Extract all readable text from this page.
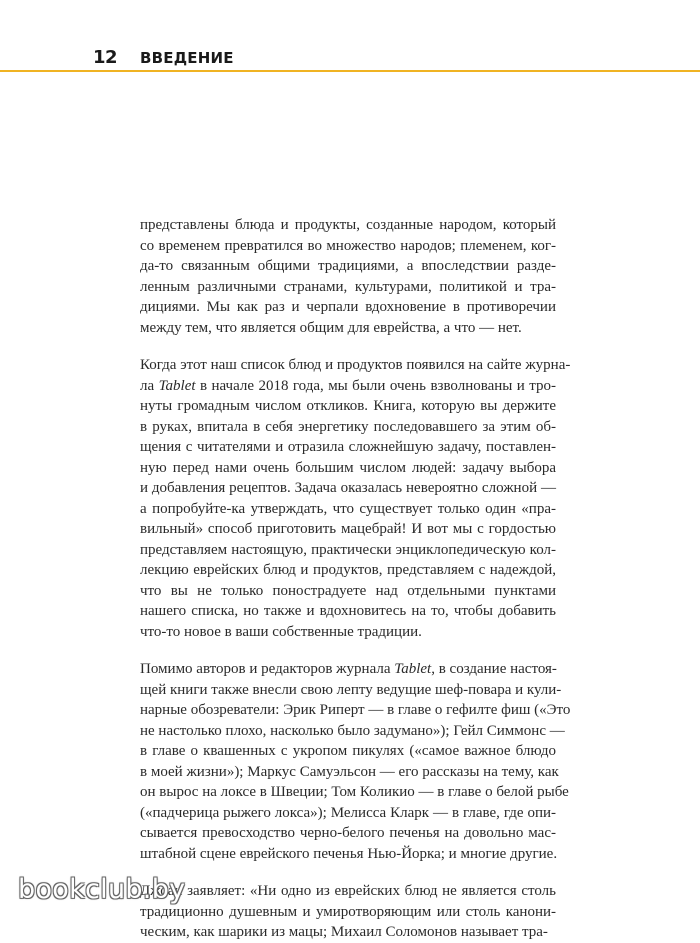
12 ВВЕДЕНИЕ
представлены блюда и продукты, созданные народом, который
со временем превратился во множество народов; племенем, ког-
да-то связанным общими традициями, а впоследствии разде-
ленным различными странами, культурами, политикой и тра-
дициями. Мы как раз и черпали вдохновение в противоречии
между тем, что является общим для еврейства, а что — нет.
Когда этот наш список блюд и продуктов появился на сайте журна-
ла Tablet в начале 2018 года, мы были очень взволнованы и тро-
нуты громадным числом откликов. Книга, которую вы держите
в руках, впитала в себя энергетику последовавшего за этим об-
щения с читателями и отразила сложнейшую задачу, поставлен-
ную перед нами очень большим числом людей: задачу выбора
и добавления рецептов. Задача оказалась невероятно сложной —
а попробуйте-ка утверждать, что существует только один «пра-
вильный» способ приготовить мацебрай! И вот мы с гордостью
представляем настоящую, практически энциклопедическую кол-
лекцию еврейских блюд и продуктов, представляем с надеждой,
что вы не только понострадуете над отдельными пунктами
нашего списка, но также и вдохновитесь на то, чтобы добавить
что-то новое в ваши собственные традиции.
Помимо авторов и редакторов журнала Tablet, в создание настоя-
щей книги также внесли свою лепту ведущие шеф-повара и кули-
нарные обозреватели: Эрик Риперт — в главе о гефилте фиш («Это
не настолько плохо, насколько было задумано»); Гейл Симмонс —
в главе о квашенных с укропом пикулях («самое важное блюдо
в моей жизни»); Маркус Самуэльсон — его рассказы на тему, как
он вырос на локсе в Швеции; Том Коликио — в главе о белой рыбе
(«падчерица рыжего локса»); Мелисса Кларк — в главе, где опи-
сывается превосходство черно-белого печенья на довольно мас-
штабной сцене еврейского печенья Нью-Йорка; и многие другие.
Джоан заявляет: «Ни одно из еврейских блюд не является столь
традиционно душевным и умиротворяющим или столь канони-
ческим, как шарики из мацы; Михаил Соломонов называет тра-
bookclub.by
